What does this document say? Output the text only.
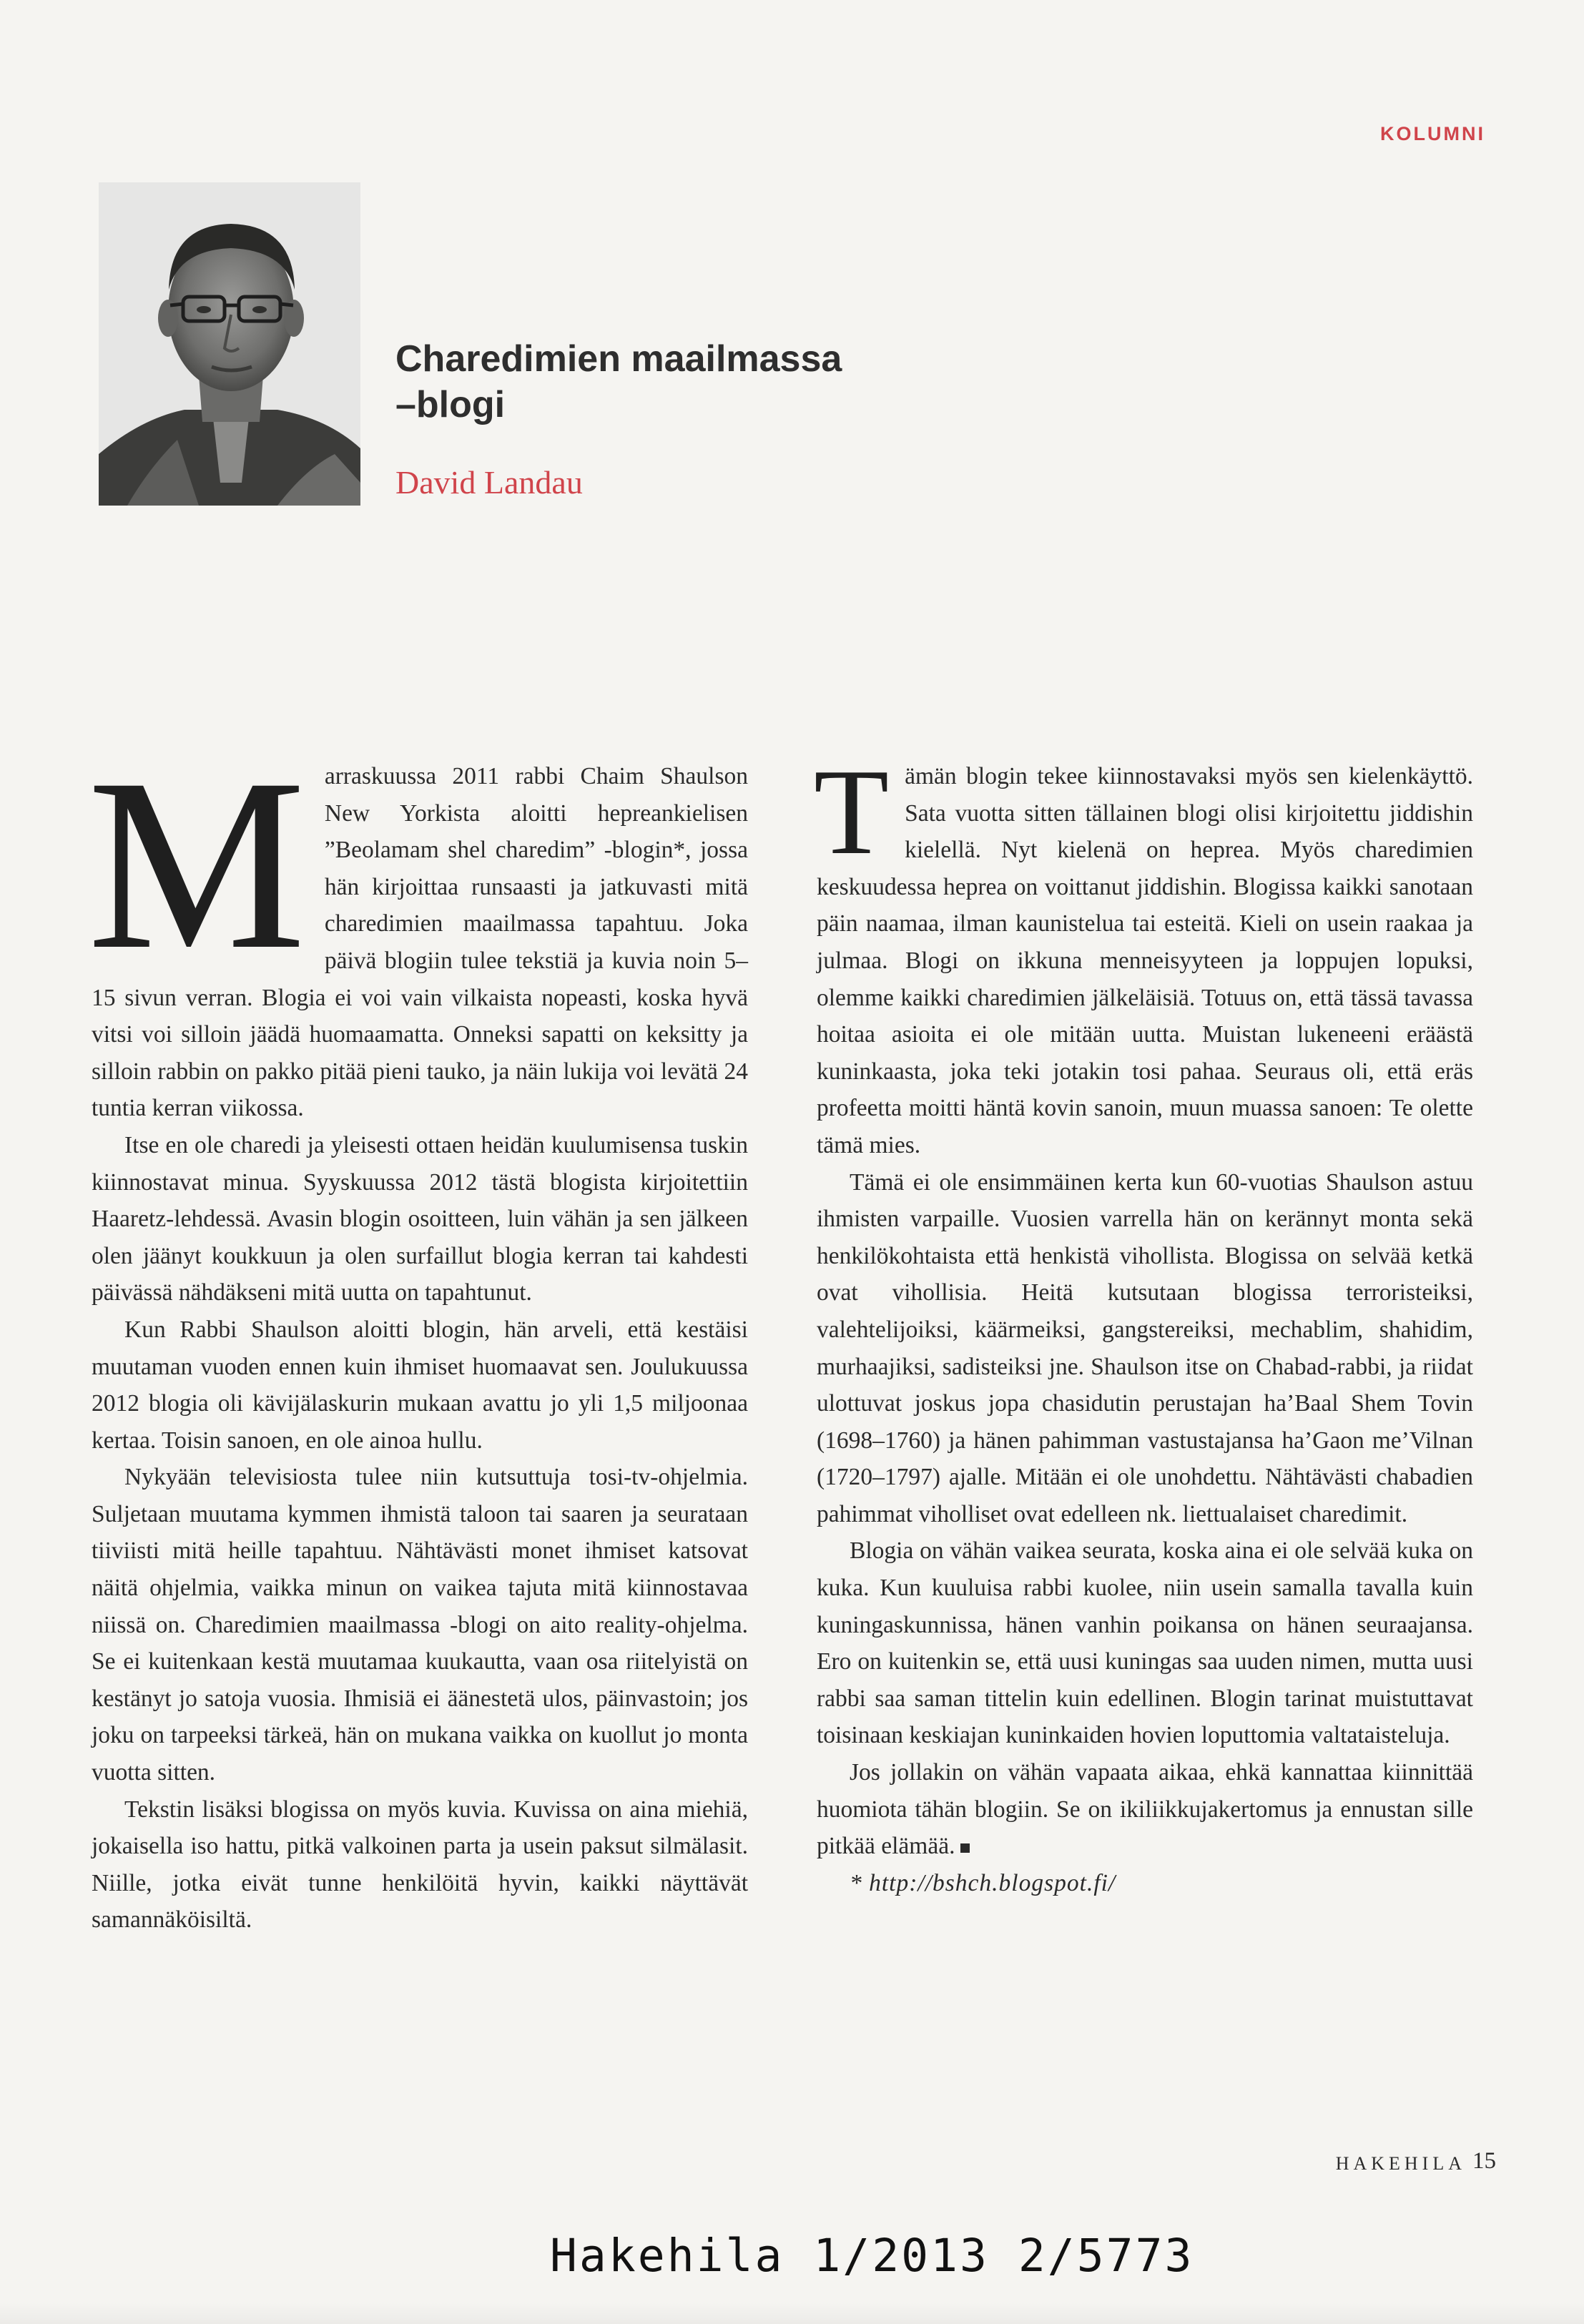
KOLUMNI
Charedimien maailmassa
–blogi
David Landau

Marraskuussa 2011 rabbi Chaim Shaulson New Yorkista aloitti hepreankielisen ”Beolamam shel charedim” -blogin*, jossa hän kirjoittaa runsaasti ja jatkuvasti mitä charedimien maailmassa tapahtuu. Joka päivä blogiin tulee tekstiä ja kuvia noin 5–15 sivun verran. Blogia ei voi vain vilkaista nopeasti, koska hyvä vitsi voi silloin jäädä huomaamatta. Onneksi sapatti on keksitty ja silloin rabbin on pakko pitää pieni tauko, ja näin lukija voi levätä 24 tuntia kerran viikossa.

Itse en ole charedi ja yleisesti ottaen heidän kuulumisensa tuskin kiinnostavat minua. Syyskuussa 2012 tästä blogista kirjoitettiin Haaretz-lehdessä. Avasin blogin osoitteen, luin vähän ja sen jälkeen olen jäänyt koukkuun ja olen surfaillut blogia kerran tai kahdesti päivässä nähdäkseni mitä uutta on tapahtunut.

Kun Rabbi Shaulson aloitti blogin, hän arveli, että kestäisi muutaman vuoden ennen kuin ihmiset huomaavat sen. Joulukuussa 2012 blogia oli kävijälaskurin mukaan avattu jo yli 1,5 miljoonaa kertaa. Toisin sanoen, en ole ainoa hullu.

Nykyään televisiosta tulee niin kutsuttuja tosi-tv-ohjelmia. Suljetaan muutama kymmen ihmistä taloon tai saaren ja seurataan tiiviisti mitä heille tapahtuu. Nähtävästi monet ihmiset katsovat näitä ohjelmia, vaikka minun on vaikea tajuta mitä kiinnostavaa niissä on. Charedimien maailmassa -blogi on aito reality-ohjelma. Se ei kuitenkaan kestä muutamaa kuukautta, vaan osa riitelyistä on kestänyt jo satoja vuosia. Ihmisiä ei äänestetä ulos, päinvastoin; jos joku on tarpeeksi tärkeä, hän on mukana vaikka on kuollut jo monta vuotta sitten.

Tekstin lisäksi blogissa on myös kuvia. Kuvissa on aina miehiä, jokaisella iso hattu, pitkä valkoinen parta ja usein paksut silmälasit. Niille, jotka eivät tunne henkilöitä hyvin, kaikki näyttävät samannäköisiltä.

Tämän blogin tekee kiinnostavaksi myös sen kielenkäyttö. Sata vuotta sitten tällainen blogi olisi kirjoitettu jiddishin kielellä. Nyt kielenä on heprea. Myös charedimien keskuudessa heprea on voittanut jiddishin. Blogissa kaikki sanotaan päin naamaa, ilman kaunistelua tai esteitä. Kieli on usein raakaa ja julmaa. Blogi on ikkuna menneisyyteen ja loppujen lopuksi, olemme kaikki charedimien jälkeläisiä. Totuus on, että tässä tavassa hoitaa asioita ei ole mitään uutta. Muistan lukeneeni eräästä kuninkaasta, joka teki jotakin tosi pahaa. Seuraus oli, että eräs profeetta moitti häntä kovin sanoin, muun muassa sanoen: Te olette tämä mies.

Tämä ei ole ensimmäinen kerta kun 60-vuotias Shaulson astuu ihmisten varpaille. Vuosien varrella hän on kerännyt monta sekä henkilökohtaista että henkistä vihollista. Blogissa on selvää ketkä ovat vihollisia. Heitä kutsutaan blogissa terroristeiksi, valehtelijoiksi, käärmeiksi, gangstereiksi, mechablim, shahidim, murhaajiksi, sadisteiksi jne. Shaulson itse on Chabad-rabbi, ja riidat ulottuvat joskus jopa chasidutin perustajan ha’Baal Shem Tovin (1698–1760) ja hänen pahimman vastustajansa ha’Gaon me’Vilnan (1720–1797) ajalle. Mitään ei ole unohdettu. Nähtävästi chabadien pahimmat viholliset ovat edelleen nk. liettualaiset charedimit.

Blogia on vähän vaikea seurata, koska aina ei ole selvää kuka on kuka. Kun kuuluisa rabbi kuolee, niin usein samalla tavalla kuin kuningaskunnissa, hänen vanhin poikansa on hänen seuraajansa. Ero on kuitenkin se, että uusi kuningas saa uuden nimen, mutta uusi rabbi saa saman tittelin kuin edellinen. Blogin tarinat muistuttavat toisinaan keskiajan kuninkaiden hovien loputtomia valtataisteluja.

Jos jollakin on vähän vapaata aikaa, ehkä kannattaa kiinnittää huomiota tähän blogiin. Se on ikiliikkujakertomus ja ennustan sille pitkää elämää.

* http://bshch.blogspot.fi/

HAKEHILA 15
Hakehila 1/2013 2/5773
